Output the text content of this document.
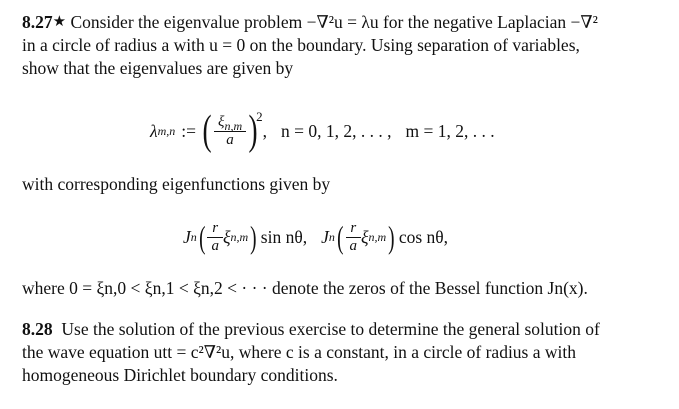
8.27★ Consider the eigenvalue problem −∇²u = λu for the negative Laplacian −∇²
in a circle of radius a with u = 0 on the boundary. Using separation of variables,
show that the eigenvalues are given by
λ m,n := ( $\frac{\xi_{n,m}}{a}$ )
2
, n = 0, 1, 2, . . . , m = 1, 2, . . .
with corresponding eigenfunctions given by
J n ( $\frac{r}{a}$ ξ n,m ) sin nθ, J n ( $\frac{r}{a}$ ξ n,m ) cos nθ,
where 0 = ξn,0 < ξn,1 < ξn,2 < · · · denote the zeros of the Bessel function Jn(x).
8.28 Use the solution of the previous exercise to determine the general solution of
the wave equation utt = c²∇²u, where c is a constant, in a circle of radius a with
homogeneous Dirichlet boundary conditions.
